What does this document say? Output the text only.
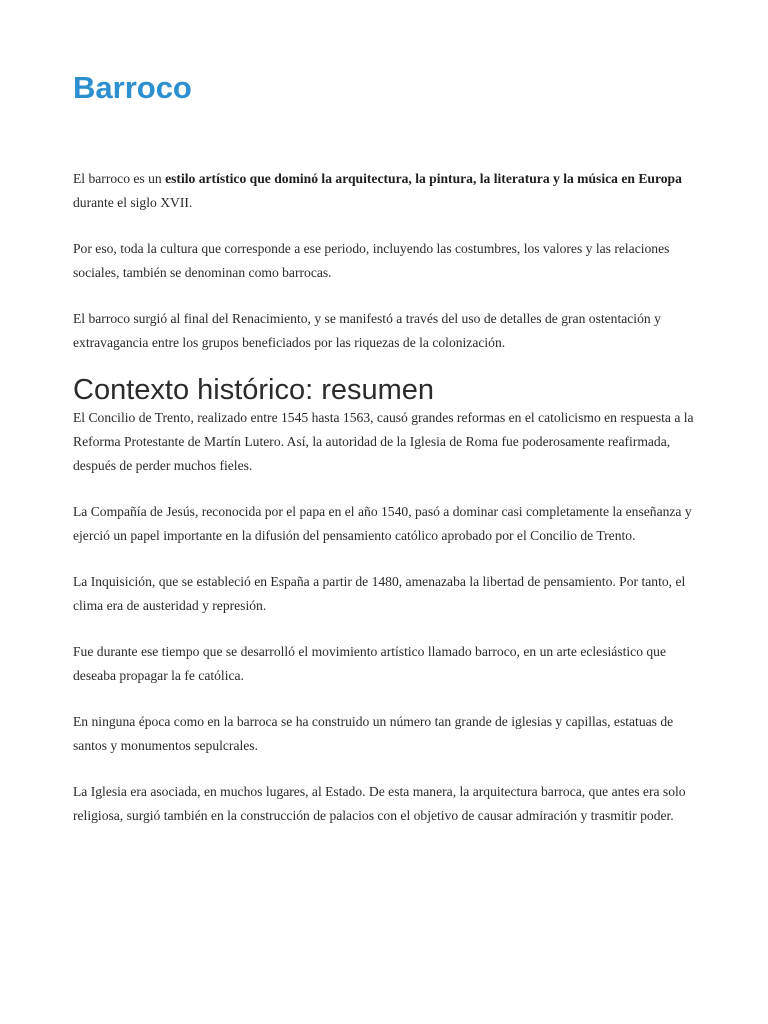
Barroco

El barroco es un estilo artístico que dominó la arquitectura, la pintura, la literatura y la música en Europa durante el siglo XVII.

Por eso, toda la cultura que corresponde a ese periodo, incluyendo las costumbres, los valores y las relaciones sociales, también se denominan como barrocas.

El barroco surgió al final del Renacimiento, y se manifestó a través del uso de detalles de gran ostentación y extravagancia entre los grupos beneficiados por las riquezas de la colonización.

Contexto histórico: resumen

El Concilio de Trento, realizado entre 1545 hasta 1563, causó grandes reformas en el catolicismo en respuesta a la Reforma Protestante de Martín Lutero. Así, la autoridad de la Iglesia de Roma fue poderosamente reafirmada, después de perder muchos fieles.

La Compañía de Jesús, reconocida por el papa en el año 1540, pasó a dominar casi completamente la enseñanza y ejerció un papel importante en la difusión del pensamiento católico aprobado por el Concilio de Trento.

La Inquisición, que se estableció en España a partir de 1480, amenazaba la libertad de pensamiento. Por tanto, el clima era de austeridad y represión.

Fue durante ese tiempo que se desarrolló el movimiento artístico llamado barroco, en un arte eclesiástico que deseaba propagar la fe católica.

En ninguna época como en la barroca se ha construido un número tan grande de iglesias y capillas, estatuas de santos y monumentos sepulcrales.

La Iglesia era asociada, en muchos lugares, al Estado. De esta manera, la arquitectura barroca, que antes era solo religiosa, surgió también en la construcción de palacios con el objetivo de causar admiración y trasmitir poder.
